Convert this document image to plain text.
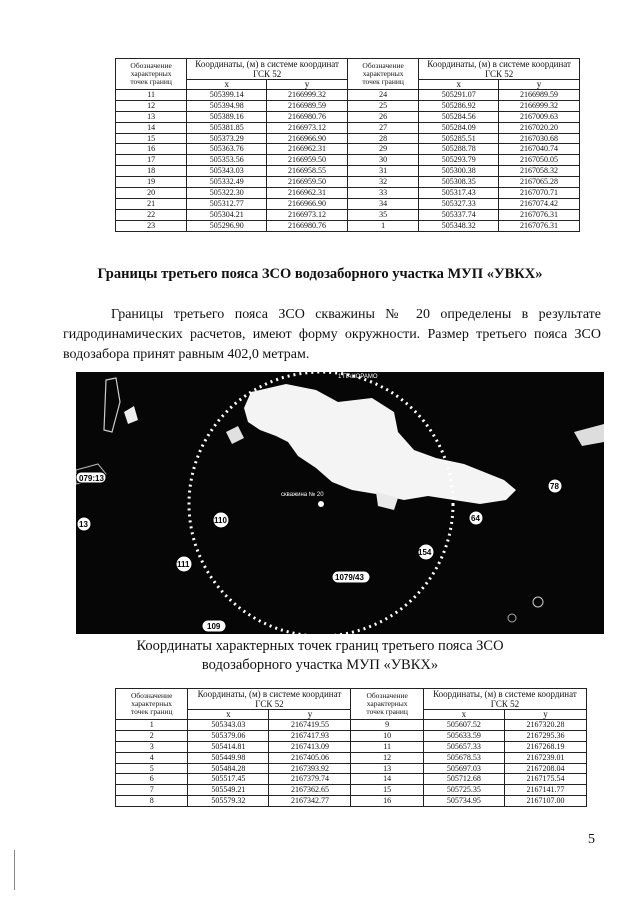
Обозначение
характерных
точек границ	Координаты, (м) в системе координат ГСК 52		Обозначение
характерных
точек границ	Координаты, (м) в системе координат ГСК 52	
	x	y		x	y
11	505399.14	2166999.32	24	505291.07	2166989.59
12	505394.98	2166989.59	25	505286.92	2166999.32
13	505389.16	2166980.76	26	505284.56	2167009.63
14	505381.85	2166973.12	27	505284.09	2167020.20
15	505373.29	2166966.90	28	505285.51	2167030.68
16	505363.76	2166962.31	29	505288.78	2167040.74
17	505353.56	2166959.50	30	505293.79	2167050.05
18	505343.03	2166958.55	31	505300.38	2167058.32
19	505332.49	2166959.50	32	505308.35	2167065.28
20	505322.30	2166962.31	33	505317.43	2167070.71
21	505312.77	2166966.90	34	505327.33	2167074.42
22	505304.21	2166973.12	35	505337.74	2167076.31
23	505296.90	2166980.76	1	505348.32	2167076.31
Границы третьего пояса ЗСО водозаборного участка МУП «УВКХ»
Границы третьего пояса ЗСО скважины № 20 определены в результате гидродинамических расчетов, имеют форму окружности. Размер третьего пояса ЗСО водозабора принят равным 402,0 метрам.
скважина № 20
1 ПАНОРАМО
079:13
13	110
111
64
78
154
1079/43
109
Координаты характерных точек границ третьего пояса ЗСО
водозаборного участка МУП «УВКХ»
Обозначение
характерных
точек границ	Координаты, (м) в системе координат ГСК 52		Обозначение
характерных
точек границ	Координаты, (м) в системе координат ГСК 52	
	x	y		x	y
1	505343.03	2167419.55	9	505607.52	2167320.28
2	505379.06	2167417.93	10	505633.59	2167295.36
3	505414.81	2167413.09	11	505657.33	2167268.19
4	505449.98	2167405.06	12	505678.53	2167239.01
5	505484.28	2167393.92	13	505697.03	2167208.04
6	505517.45	2167379.74	14	505712.68	2167175.54
7	505549.21	2167362.65	15	505725.35	2167141.77
8	505579.32	2167342.77	16	505734.95	2167107.00
5
